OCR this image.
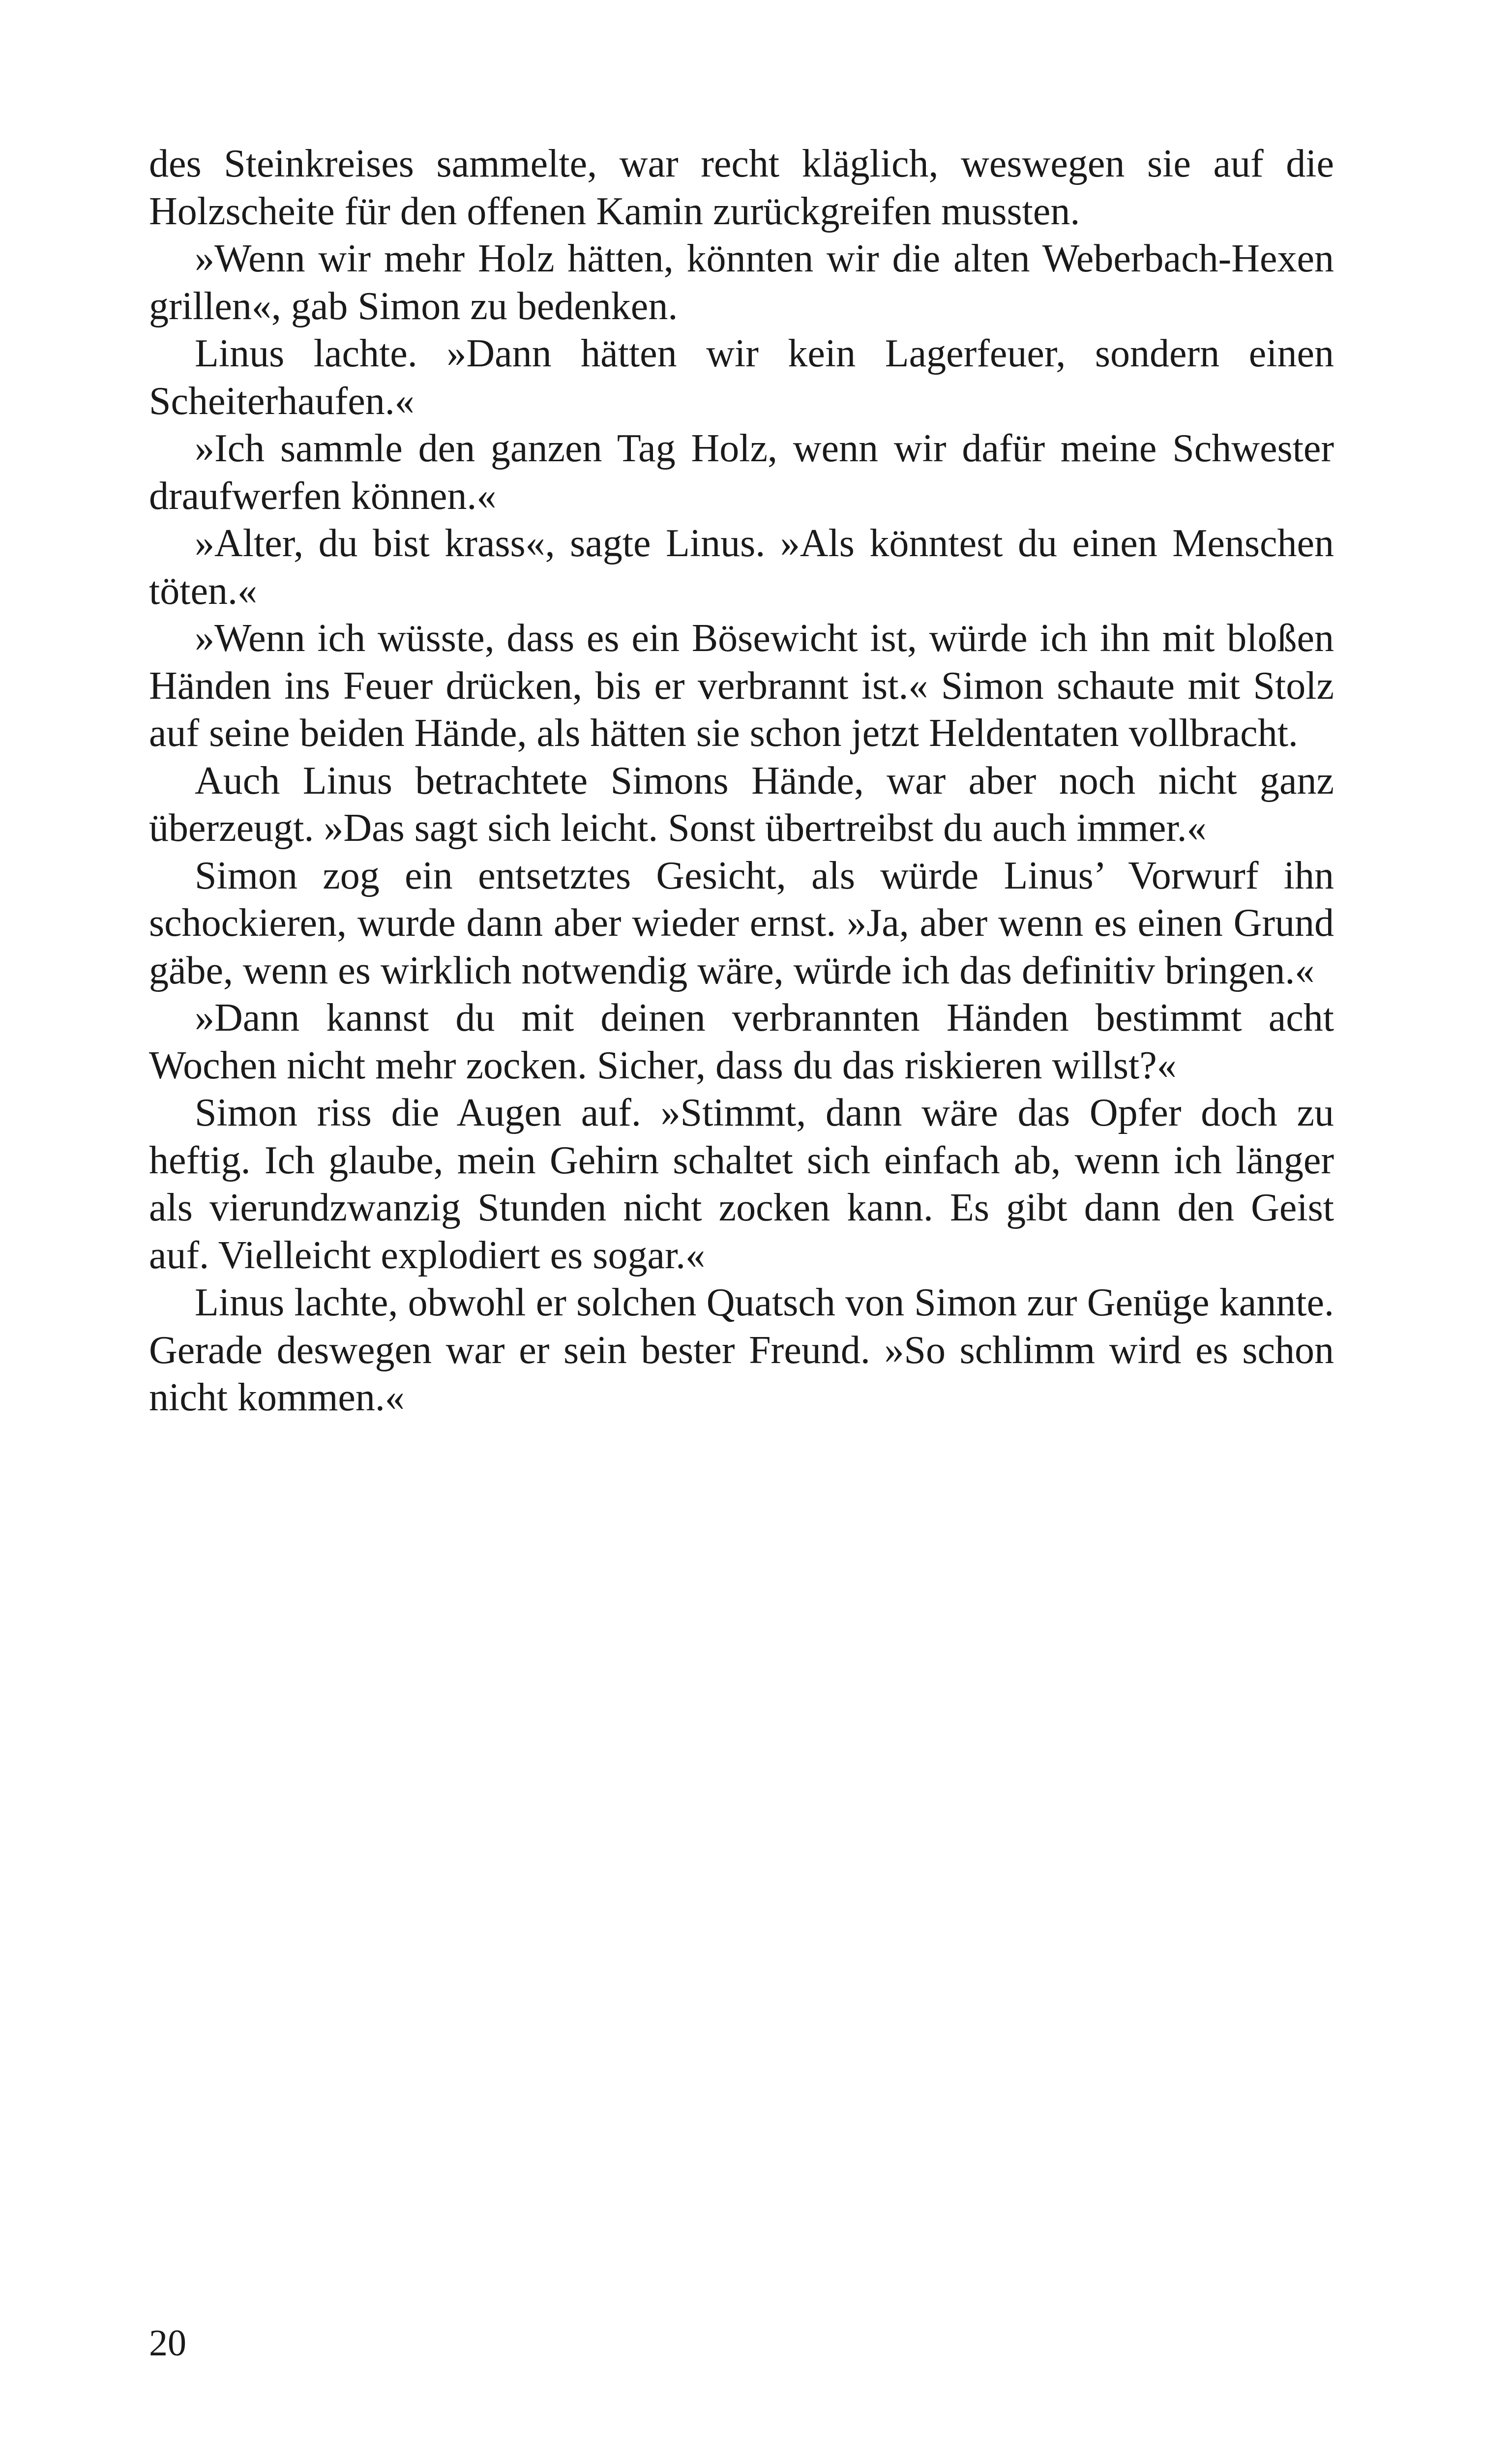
des Steinkreises sammelte, war recht kläglich, weswegen sie auf die Holzscheite für den offenen Kamin zurückgreifen mussten.

»Wenn wir mehr Holz hätten, könnten wir die alten Weberbach-Hexen grillen«, gab Simon zu bedenken.

Linus lachte. »Dann hätten wir kein Lagerfeuer, sondern einen Scheiterhaufen.«

»Ich sammle den ganzen Tag Holz, wenn wir dafür meine Schwester draufwerfen können.«

»Alter, du bist krass«, sagte Linus. »Als könntest du einen Menschen töten.«

»Wenn ich wüsste, dass es ein Bösewicht ist, würde ich ihn mit bloßen Händen ins Feuer drücken, bis er verbrannt ist.« Simon schaute mit Stolz auf seine beiden Hände, als hätten sie schon jetzt Heldentaten vollbracht.

Auch Linus betrachtete Simons Hände, war aber noch nicht ganz überzeugt. »Das sagt sich leicht. Sonst übertreibst du auch immer.«

Simon zog ein entsetztes Gesicht, als würde Linus’ Vorwurf ihn schockieren, wurde dann aber wieder ernst. »Ja, aber wenn es einen Grund gäbe, wenn es wirklich notwendig wäre, würde ich das definitiv bringen.«

»Dann kannst du mit deinen verbrannten Händen bestimmt acht Wochen nicht mehr zocken. Sicher, dass du das riskieren willst?«

Simon riss die Augen auf. »Stimmt, dann wäre das Opfer doch zu heftig. Ich glaube, mein Gehirn schaltet sich einfach ab, wenn ich länger als vierundzwanzig Stunden nicht zocken kann. Es gibt dann den Geist auf. Vielleicht explodiert es sogar.«

Linus lachte, obwohl er solchen Quatsch von Simon zur Genüge kannte. Gerade deswegen war er sein bester Freund. »So schlimm wird es schon nicht kommen.«

20
